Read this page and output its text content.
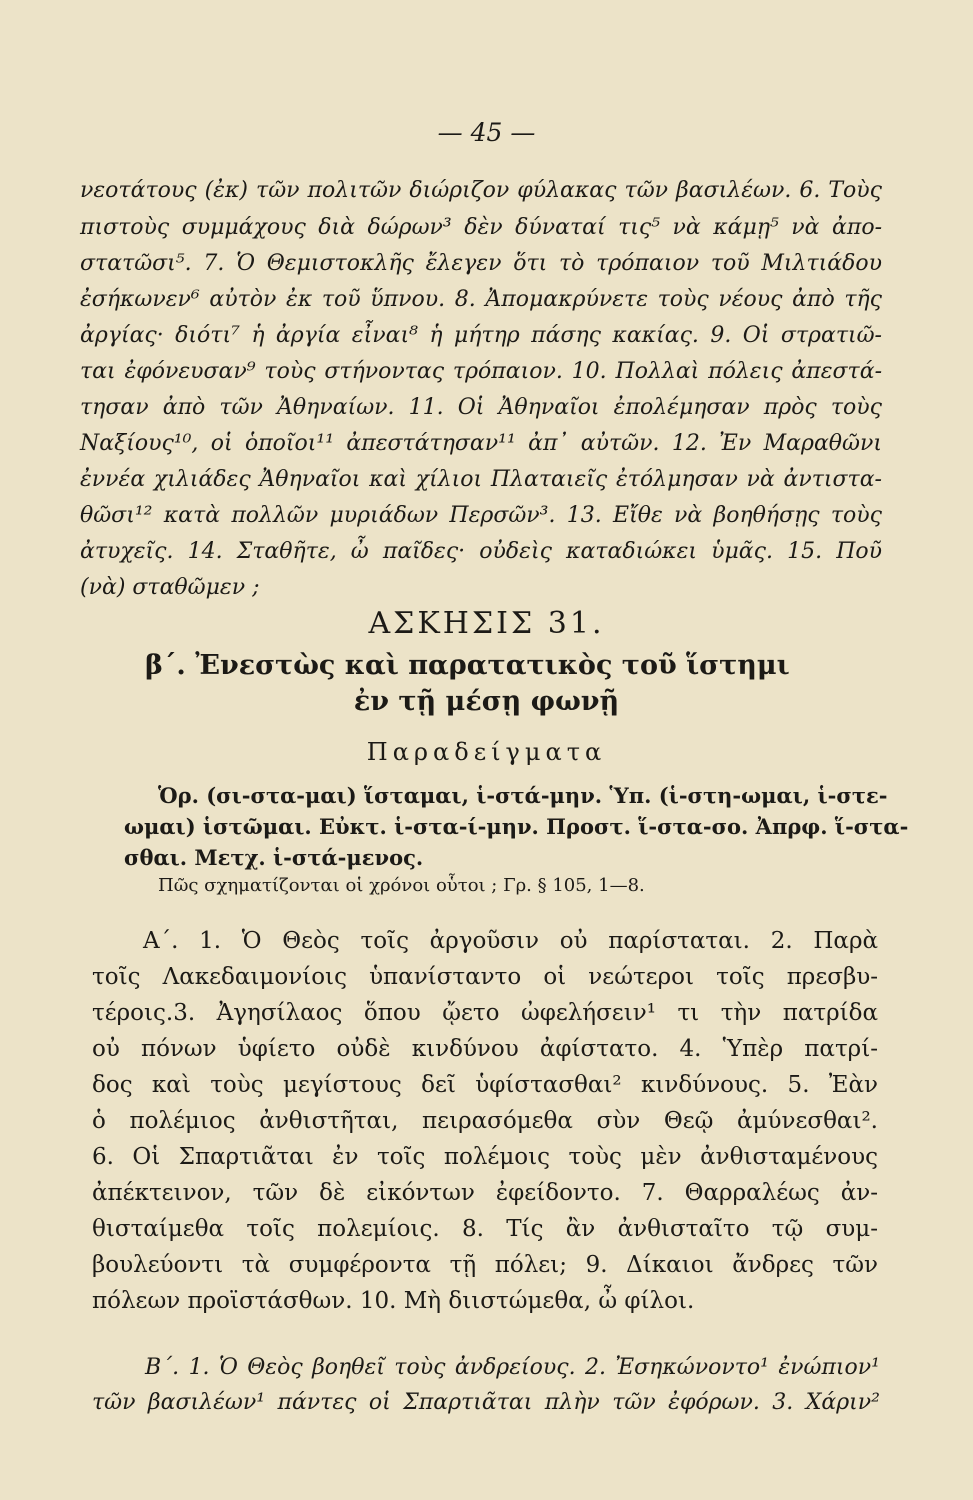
— 45 —
νεοτάτους (ἐκ) τῶν πολιτῶν διώριζον φύλακας τῶν βασιλέων. 6. Τοὺς
πιστοὺς συμμάχους διὰ δώρων³ δὲν δύναταί τις⁵ νὰ κάμῃ⁵ νὰ ἀπο-
στατῶσι⁵. 7. Ὁ Θεμιστοκλῆς ἔλεγεν ὅτι τὸ τρόπαιον τοῦ Μιλτιάδου
ἐσήκωνεν⁶ αὐτὸν ἐκ τοῦ ὕπνου. 8. Ἀπομακρύνετε τοὺς νέους ἀπὸ τῆς
ἀργίας· διότι⁷ ἡ ἀργία εἶναι⁸ ἡ μήτηρ πάσης κακίας. 9. Οἱ στρατιῶ-
ται ἐφόνευσαν⁹ τοὺς στήνοντας τρόπαιον. 10. Πολλαὶ πόλεις ἀπεστά-
τησαν ἀπὸ τῶν Ἀθηναίων. 11. Οἱ Ἀθηναῖοι ἐπολέμησαν πρὸς τοὺς
Ναξίους¹⁰, οἱ ὁποῖοι¹¹ ἀπεστάτησαν¹¹ ἀπ᾽ αὐτῶν. 12. Ἐν Μαραθῶνι
ἐννέα χιλιάδες Ἀθηναῖοι καὶ χίλιοι Πλαταιεῖς ἐτόλμησαν νὰ ἀντιστα-
θῶσι¹² κατὰ πολλῶν μυριάδων Περσῶν³. 13. Εἴθε νὰ βοηθήσῃς τοὺς
ἀτυχεῖς. 14. Σταθῆτε, ὦ παῖδες· οὐδεὶς καταδιώκει ὑμᾶς. 15. Ποῦ
(νὰ) σταθῶμεν ;
ΑΣΚΗΣΙΣ 31.
β΄. Ἐνεστὼς καὶ παρατατικὸς τοῦ ἵστημι
ἐν τῇ μέσῃ φωνῇ
Παραδείγματα
Ὁρ. (σι-στα-μαι) ἵσταμαι, ἱ-στά-μην. Ὑπ. (ἱ-στη-ωμαι, ἱ-στε-
ωμαι) ἱστῶμαι. Εὐκτ. ἱ-στα-ί-μην. Προστ. ἵ-στα-σο. Ἀπρφ. ἵ-στα-
σθαι. Μετχ. ἱ-στά-μενος.
Πῶς σχηματίζονται οἱ χρόνοι οὗτοι ; Γρ. § 105, 1—8.
Α΄. 1. Ὁ Θεὸς τοῖς ἀργοῦσιν οὐ παρίσταται. 2. Παρὰ
τοῖς Λακεδαιμονίοις ὑπανίσταντο οἱ νεώτεροι τοῖς πρεσβυ-
τέροις.3. Ἀγησίλαος ὅπου ᾤετο ὠφελήσειν¹ τι τὴν πατρίδα
οὐ πόνων ὑφίετο οὐδὲ κινδύνου ἀφίστατο. 4. Ὑπὲρ πατρί-
δος καὶ τοὺς μεγίστους δεῖ ὑφίστασθαι² κινδύνους. 5. Ἐὰν
ὁ πολέμιος ἀνθιστῆται, πειρασόμεθα σὺν Θεῷ ἀμύνεσθαι².
6. Οἱ Σπαρτιᾶται ἐν τοῖς πολέμοις τοὺς μὲν ἀνθισταμένους
ἀπέκτεινον, τῶν δὲ εἰκόντων ἐφείδοντο. 7. Θαρραλέως ἀν-
θισταίμεθα τοῖς πολεμίοις. 8. Τίς ἂν ἀνθισταῖτο τῷ συμ-
βουλεύοντι τὰ συμφέροντα τῇ πόλει; 9. Δίκαιοι ἄνδρες τῶν
πόλεων προϊστάσθων. 10. Μὴ διιστώμεθα, ὦ φίλοι.
Β΄. 1. Ὁ Θεὸς βοηθεῖ τοὺς ἀνδρείους. 2. Ἐσηκώνοντο¹ ἐνώπιον¹
τῶν βασιλέων¹ πάντες οἱ Σπαρτιᾶται πλὴν τῶν ἐφόρων. 3. Χάριν²
